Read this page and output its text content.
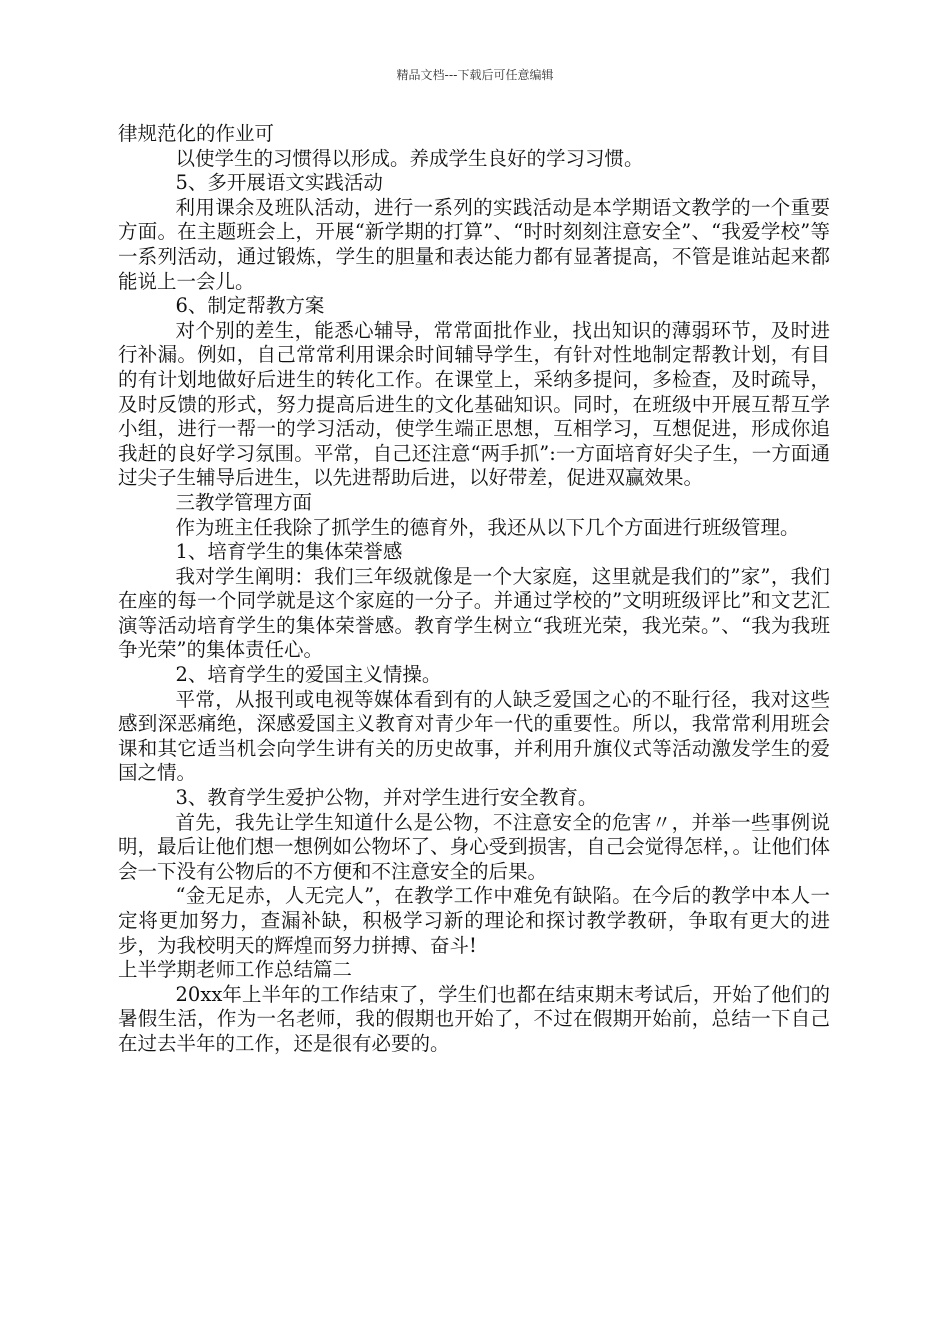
精品文档---下载后可任意编辑

律规范化的作业可

以使学生的习惯得以形成。养成学生良好的学习习惯。

5、多开展语文实践活动

利用课余及班队活动，进行一系列的实践活动是本学期语文教学的一个重要方面。在主题班会上，开展“新学期的打算”、“时时刻刻注意安全”、“我爱学校”等一系列活动，通过锻炼，学生的胆量和表达能力都有显著提高，不管是谁站起来都能说上一会儿。

6、制定帮教方案

对个别的差生，能悉心辅导，常常面批作业，找出知识的薄弱环节，及时进行补漏。例如，自己常常利用课余时间辅导学生，有针对性地制定帮教计划，有目的有计划地做好后进生的转化工作。在课堂上，采纳多提问，多检查，及时疏导，及时反馈的形式，努力提高后进生的文化基础知识。同时，在班级中开展互帮互学小组，进行一帮一的学习活动，使学生端正思想，互相学习，互想促进，形成你追我赶的良好学习氛围。平常，自己还注意“两手抓”:一方面培育好尖子生，一方面通过尖子生辅导后进生，以先进帮助后进，以好带差，促进双赢效果。

三教学管理方面

作为班主任我除了抓学生的德育外，我还从以下几个方面进行班级管理。

1、培育学生的集体荣誉感

我对学生阐明：我们三年级就像是一个大家庭，这里就是我们的”家”，我们在座的每一个同学就是这个家庭的一分子。并通过学校的”文明班级评比”和文艺汇演等活动培育学生的集体荣誉感。教育学生树立“我班光荣，我光荣。”、“我为我班争光荣”的集体责任心。

2、培育学生的爱国主义情操。

平常，从报刊或电视等媒体看到有的人缺乏爱国之心的不耻行径，我对这些感到深恶痛绝，深感爱国主义教育对青少年一代的重要性。所以，我常常利用班会课和其它适当机会向学生讲有关的历史故事，并利用升旗仪式等活动激发学生的爱国之情。

3、教育学生爱护公物，并对学生进行安全教育。

首先，我先让学生知道什么是公物，不注意安全的危害〃，并举一些事例说明，最后让他们想一想例如公物坏了、身心受到损害，自己会觉得怎样，。让他们体会一下没有公物后的不方便和不注意安全的后果。

“金无足赤，人无完人”，在教学工作中难免有缺陷。在今后的教学中本人一定将更加努力，查漏补缺，积极学习新的理论和探讨教学教研，争取有更大的进步，为我校明天的辉煌而努力拼搏、奋斗!

上半学期老师工作总结篇二

20xx年上半年的工作结束了，学生们也都在结束期末考试后，开始了他们的暑假生活，作为一名老师，我的假期也开始了，不过在假期开始前，总结一下自己在过去半年的工作，还是很有必要的。
